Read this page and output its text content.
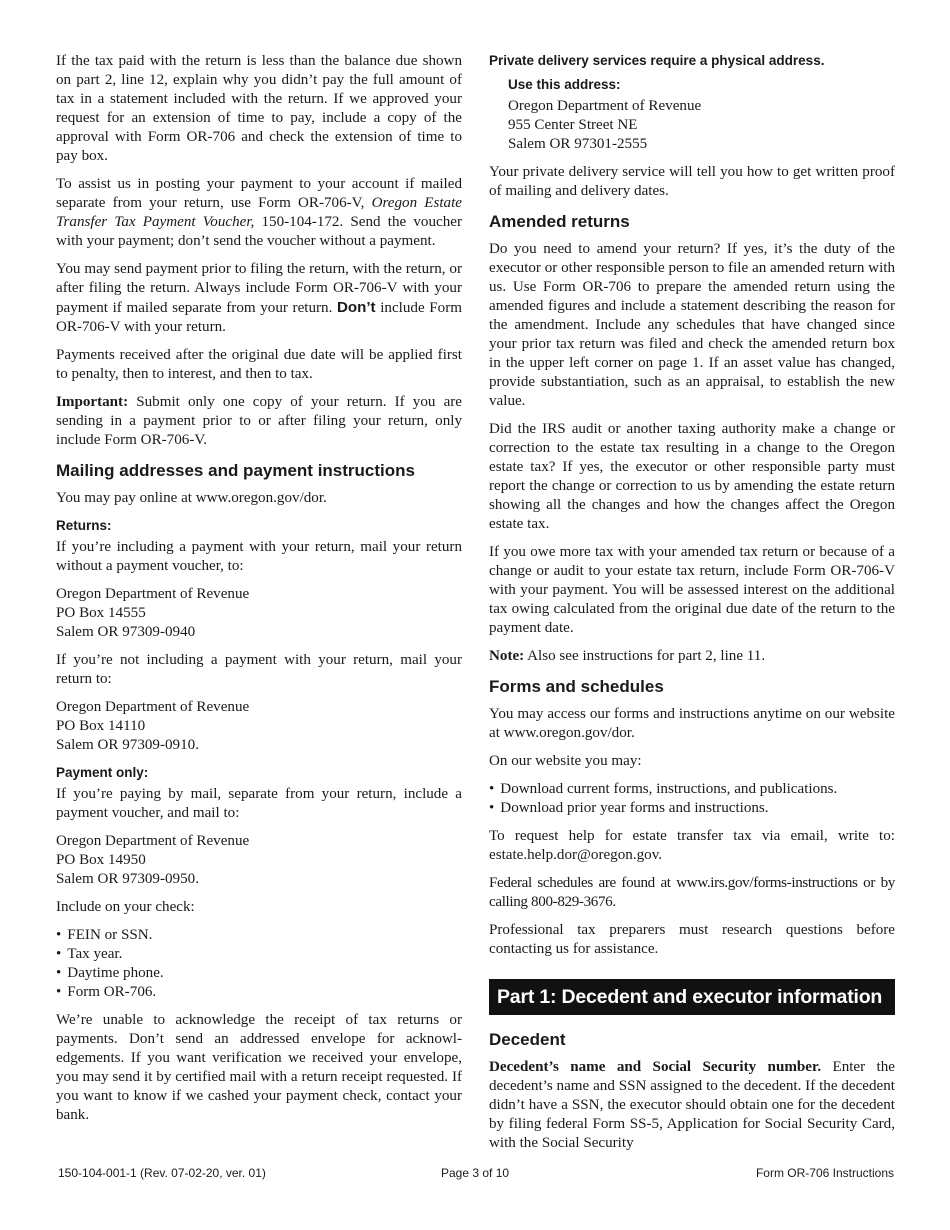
If the tax paid with the return is less than the balance due shown on part 2, line 12, explain why you didn’t pay the full amount of tax in a statement included with the return. If we approved your request for an extension of time to pay, include a copy of the approval with Form OR-706 and check the extension of time to pay box.

To assist us in posting your payment to your account if mailed separate from your return, use Form OR-706-V, Oregon Estate Transfer Tax Payment Voucher, 150-104-172. Send the voucher with your payment; don’t send the voucher without a payment.

You may send payment prior to filing the return, with the return, or after filing the return. Always include Form OR-706-V with your payment if mailed separate from your return. Don’t include Form OR-706-V with your return.

Payments received after the original due date will be applied first to penalty, then to interest, and then to tax.

Important: Submit only one copy of your return. If you are sending in a payment prior to or after filing your return, only include Form OR-706-V.

Mailing addresses and payment instructions

You may pay online at www.oregon.gov/dor.

Returns:

If you’re including a payment with your return, mail your return without a payment voucher, to:

Oregon Department of Revenue
PO Box 14555
Salem OR 97309-0940

If you’re not including a payment with your return, mail your return to:

Oregon Department of Revenue
PO Box 14110
Salem OR 97309-0910.
Payment only:

If you’re paying by mail, separate from your return, include a payment voucher, and mail to:

Oregon Department of Revenue
PO Box 14950
Salem OR 97309-0950.

Include on your check:

• FEIN or SSN.
• Tax year.
• Daytime phone.
• Form OR-706.

We’re unable to acknowledge the receipt of tax returns or payments. Don’t send an addressed envelope for acknowledgements. If you want verification we received your envelope, you may send it by certified mail with a return receipt requested. If you want to know if we cashed your payment check, contact your bank.

Private delivery services require a physical address.
Use this address:
Oregon Department of Revenue
955 Center Street NE
Salem OR 97301-2555

Your private delivery service will tell you how to get written proof of mailing and delivery dates.

Amended returns

Do you need to amend your return? If yes, it’s the duty of the executor or other responsible person to file an amended return with us. Use Form OR-706 to prepare the amended return using the amended figures and include a statement describing the reason for the amendment. Include any schedules that have changed since your prior tax return was filed and check the amended return box in the upper left corner on page 1. If an asset value has changed, provide substantiation, such as an appraisal, to establish the new value.

Did the IRS audit or another taxing authority make a change or correction to the estate tax resulting in a change to the Oregon estate tax? If yes, the executor or other responsible party must report the change or correction to us by amending the estate return showing all the changes and how the changes affect the Oregon estate tax.

If you owe more tax with your amended tax return or because of a change or audit to your estate tax return, include Form OR-706-V with your payment. You will be assessed interest on the additional tax owing calculated from the original due date of the return to the payment date.

Note: Also see instructions for part 2, line 11.

Forms and schedules

You may access our forms and instructions anytime on our website at www.oregon.gov/dor.

On our website you may:

• Download current forms, instructions, and publications.
• Download prior year forms and instructions.

To request help for estate transfer tax via email, write to: estate.help.dor@oregon.gov.

Federal schedules are found at www.irs.gov/forms-instructions or by calling 800-829-3676.

Professional tax preparers must research questions before contacting us for assistance.

Part 1: Decedent and executor information
Decedent

Decedent’s name and Social Security number. Enter the decedent’s name and SSN assigned to the decedent. If the decedent didn’t have a SSN, the executor should obtain one for the decedent by filing federal Form SS-5, Application for Social Security Card, with the Social Security

150-104-001-1 (Rev. 07-02-20, ver. 01)	Page 3 of 10	Form OR-706 Instructions
